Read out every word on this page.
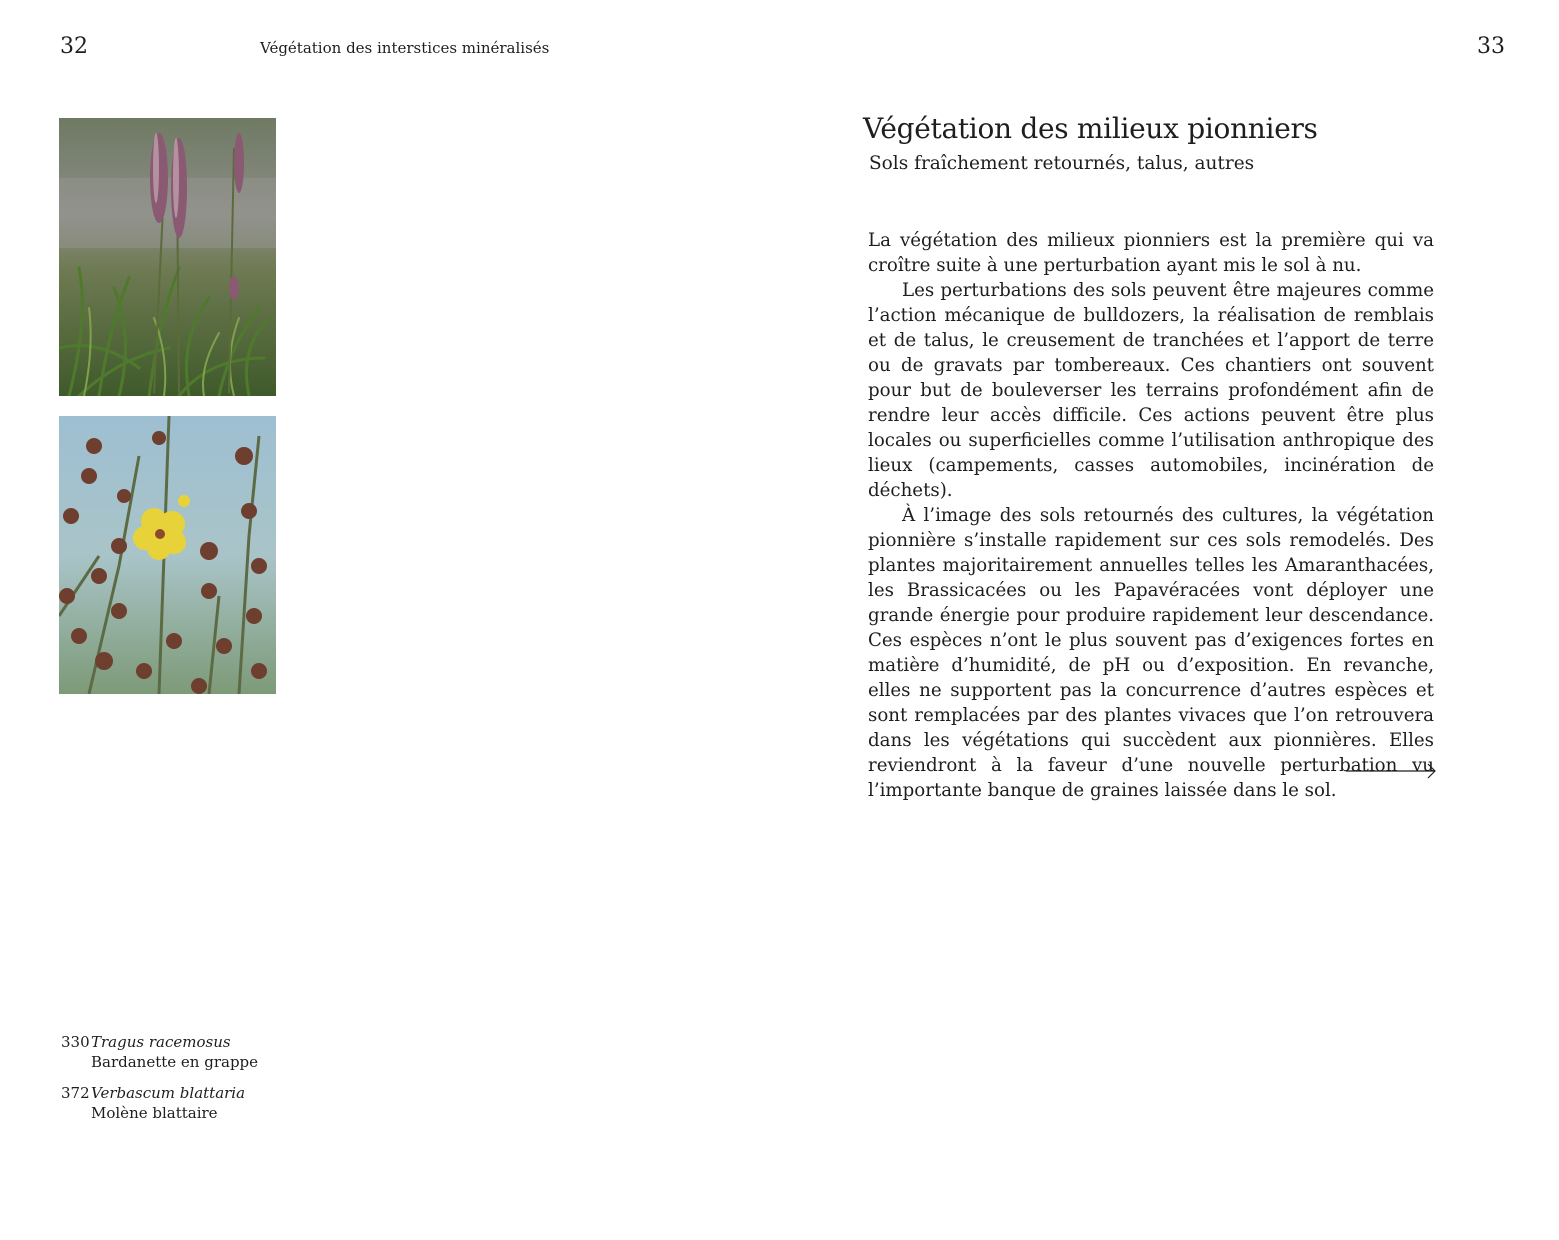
32	Végétation des interstices minéralisés
330Tragus racemosus
Bardanette en grappe
372Verbascum blattaria
Molène blattaire
33
Végétation des milieux pionniers
Sols fraîchement retournés, talus, autres

La végétation des milieux pionniers est la première qui va croître suite à une perturbation ayant mis le sol à nu.

Les perturbations des sols peuvent être majeures comme l’action mécanique de bulldozers, la réalisation de remblais et de talus, le creusement de tranchées et l’apport de terre ou de gravats par tombereaux. Ces chantiers ont souvent pour but de bouleverser les terrains profondément afin de rendre leur accès difficile. Ces actions peuvent être plus locales ou superficielles comme l’utilisation anthropique des lieux (campements, casses automobiles, incinération de déchets).

À l’image des sols retournés des cultures, la végétation pionnière s’installe rapidement sur ces sols remodelés. Des plantes majoritairement annuelles telles les Amaranthacées, les Brassicacées ou les Papavéracées vont déployer une grande énergie pour produire rapidement leur descendance. Ces espèces n’ont le plus souvent pas d’exigences fortes en matière d’humidité, de pH ou d’exposition. En revanche, elles ne supportent pas la concurrence d’autres espèces et sont remplacées par des plantes vivaces que l’on retrouvera dans les végétations qui succèdent aux pionnières. Elles reviendront à la faveur d’une nouvelle perturbation vu l’importante banque de graines laissée dans le sol.
